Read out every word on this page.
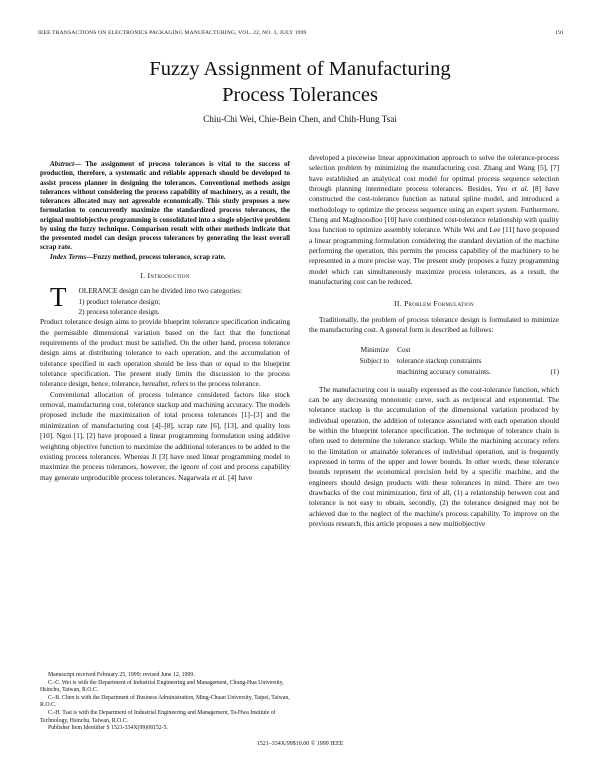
IEEE TRANSACTIONS ON ELECTRONICS PACKAGING MANUFACTURING, VOL. 22, NO. 3, JULY 1999	191
Fuzzy Assignment of Manufacturing
Process Tolerances
Chiu-Chi Wei, Chie-Bein Chen, and Chih-Hung Tsai

Abstract— The assignment of process tolerances is vital to the success of production, therefore, a systematic and reliable approach should be developed to assist process planner in designing the tolerances. Conventional methods assign tolerances without considering the process capability of machinery, as a result, the tolerances allocated may not agreeable economically. This study proposes a new formulation to concurrently maximize the standardized process tolerances, the original multiobjective programming is consolidated into a single objective problem by using the fuzzy technique. Comparison result with other methods indicate that the presented model can design process tolerances by generating the least overall scrap rate.

Index Terms—Fuzzy method, process tolerance, scrap rate.

I. Introduction

T OLERANCE design can be divided into two categories:

1) product tolerance design;

2) process tolerance design.

Product tolerance design aims to provide blueprint tolerance specification indicating the permissible dimensional variation based on the fact that the functional requirements of the product must be satisfied. On the other hand, process tolerance design aims at distributing tolerance to each operation, and the accumulation of tolerance specified in each operation should be less than or equal to the blueprint tolerance specification. The present study limits the discussion to the process tolerance design, hence, tolerance, hereafter, refers to the process tolerance.

Conventional allocation of process tolerance considered factors like stock removal, manufacturing cost, tolerance stackup and machining accuracy. The models proposed include the maximization of total process tolerances [1]–[3] and the minimization of manufacturing cost [4]–[8], scrap rate [6], [13], and quality loss [10]. Ngoi [1], [2] have proposed a linear programming formulation using additive weighting objective function to maximize the additional tolerances to be added to the existing process tolerances. Whereas Ji [3] have used linear programming model to maximize the process tolerances, however, the ignore of cost and process capability may generate unproducible process tolerances. Nagarwala et al. [4] have

Manuscript received February 25, 1999; revised June 12, 1999.

C.-C. Wei is with the Department of Industrial Engineering and Management, Chung-Hua University, Hsinchu, Taiwan, R.O.C.

C.-B. Chen is with the Department of Business Administration, Ming-Chuan University, Taipei, Taiwan, R.O.C.

C.-H. Tsai is with the Department of Industrial Engineering and Management, Ta-Hwa Institute of Technology, Hsinchu, Taiwan, R.O.C.

Publisher Item Identifier S 1521-334X(99)08152-5.

developed a piecewise linear approximation approach to solve the tolerance-process selection problem by minimizing the manufacturing cost. Zhang and Wang [5], [7] have established an analytical cost model for optimal process sequence selection through planning intermediate process tolerances. Besides, Yeo et al. [8] have constructed the cost-tolerance function as natural spline model, and introduced a methodology to optimize the process sequence using an expert system. Furthermore, Cheng and Maghsoodloo [10] have combined cost-tolerance relationship with quality loss function to optimize assembly tolerance. While Wei and Lee [11] have proposed a linear programming formulation considering the standard deviation of the machine performing the operation, this permits the process capability of the machinery to be represented in a more precise way. The present study proposes a fuzzy programming model which can simultaneously maximize process tolerances, as a result, the manufacturing cost can be reduced.

II. Problem Formulation

Traditionally, the problem of process tolerance design is formulated to minimize the manufacturing cost. A general form is described as follows:

Minimize	Cost	
Subject to	tolerance stackup constraints	
	machining accuracy constraints.	(1)

The manufacturing cost is usually expressed as the cost-tolerance function, which can be any decreasing monotonic curve, such as reciprocal and exponential. The tolerance stackup is the accumulation of the dimensional variation produced by individual operation, the addition of tolerance associated with each operation should be within the blueprint tolerance specification. The technique of tolerance chain is often used to determine the tolerance stackup. While the machining accuracy refers to the limitation or attainable tolerances of individual operation, and is frequently expressed in terms of the upper and lower bounds. In other words, these tolerance bounds represent the economical precision held by a specific machine, and the engineers should design products with these tolerances in mind. There are two drawbacks of the cost minimization, first of all, (1) a relationship between cost and tolerance is not easy to obtain, secondly, (2) the tolerance designed may not be achieved due to the neglect of the machine's process capability. To improve on the previous research, this article proposes a new multiobjective

1521–334X/99$10.00 © 1999 IEEE
